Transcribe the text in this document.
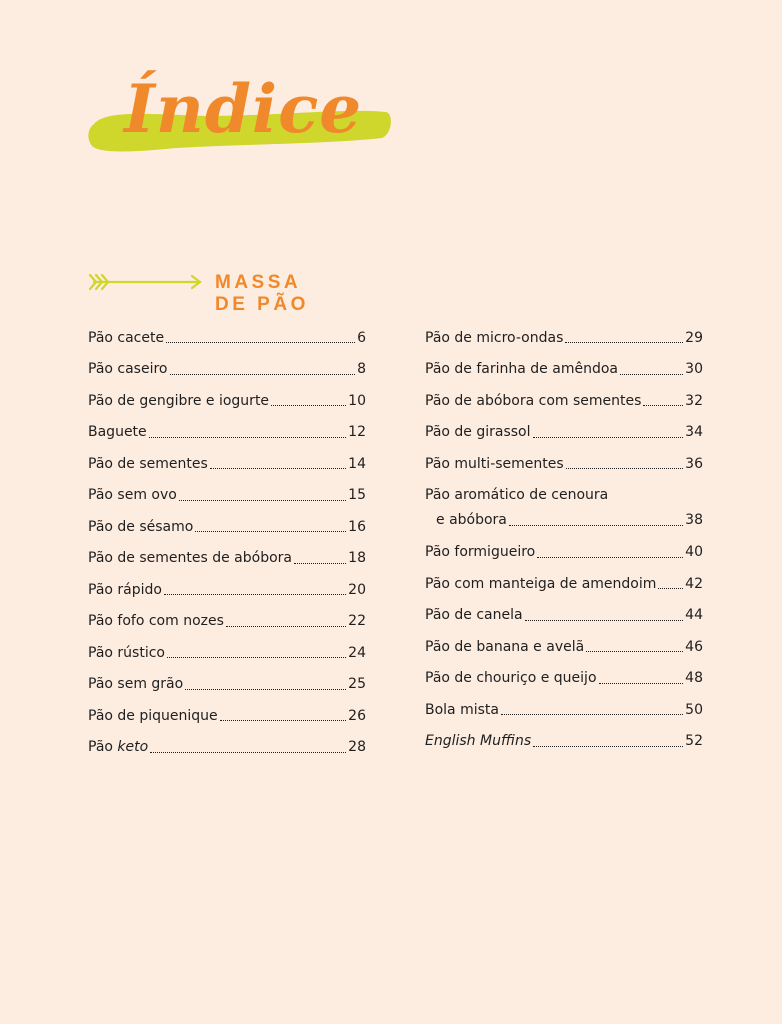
Índice
MASSA
DE PÃO
Pão cacete	6
Pão caseiro	8
Pão de gengibre e iogurte	10
Baguete	12
Pão de sementes	14
Pão sem ovo	15
Pão de sésamo	16
Pão de sementes de abóbora	18
Pão rápido	20
Pão fofo com nozes	22
Pão rústico	24
Pão sem grão	25
Pão de piquenique	26
Pão keto	28
Pão de micro-ondas	29
Pão de farinha de amêndoa	30
Pão de abóbora com sementes	32
Pão de girassol	34
Pão multi-sementes	36
Pão aromático de cenoura
e abóbora	38
Pão formigueiro	40
Pão com manteiga de amendoim 42
Pão de canela	44
Pão de banana e avelã	46
Pão de chouriço e queijo	48
Bola mista	50
English Muffins	52
